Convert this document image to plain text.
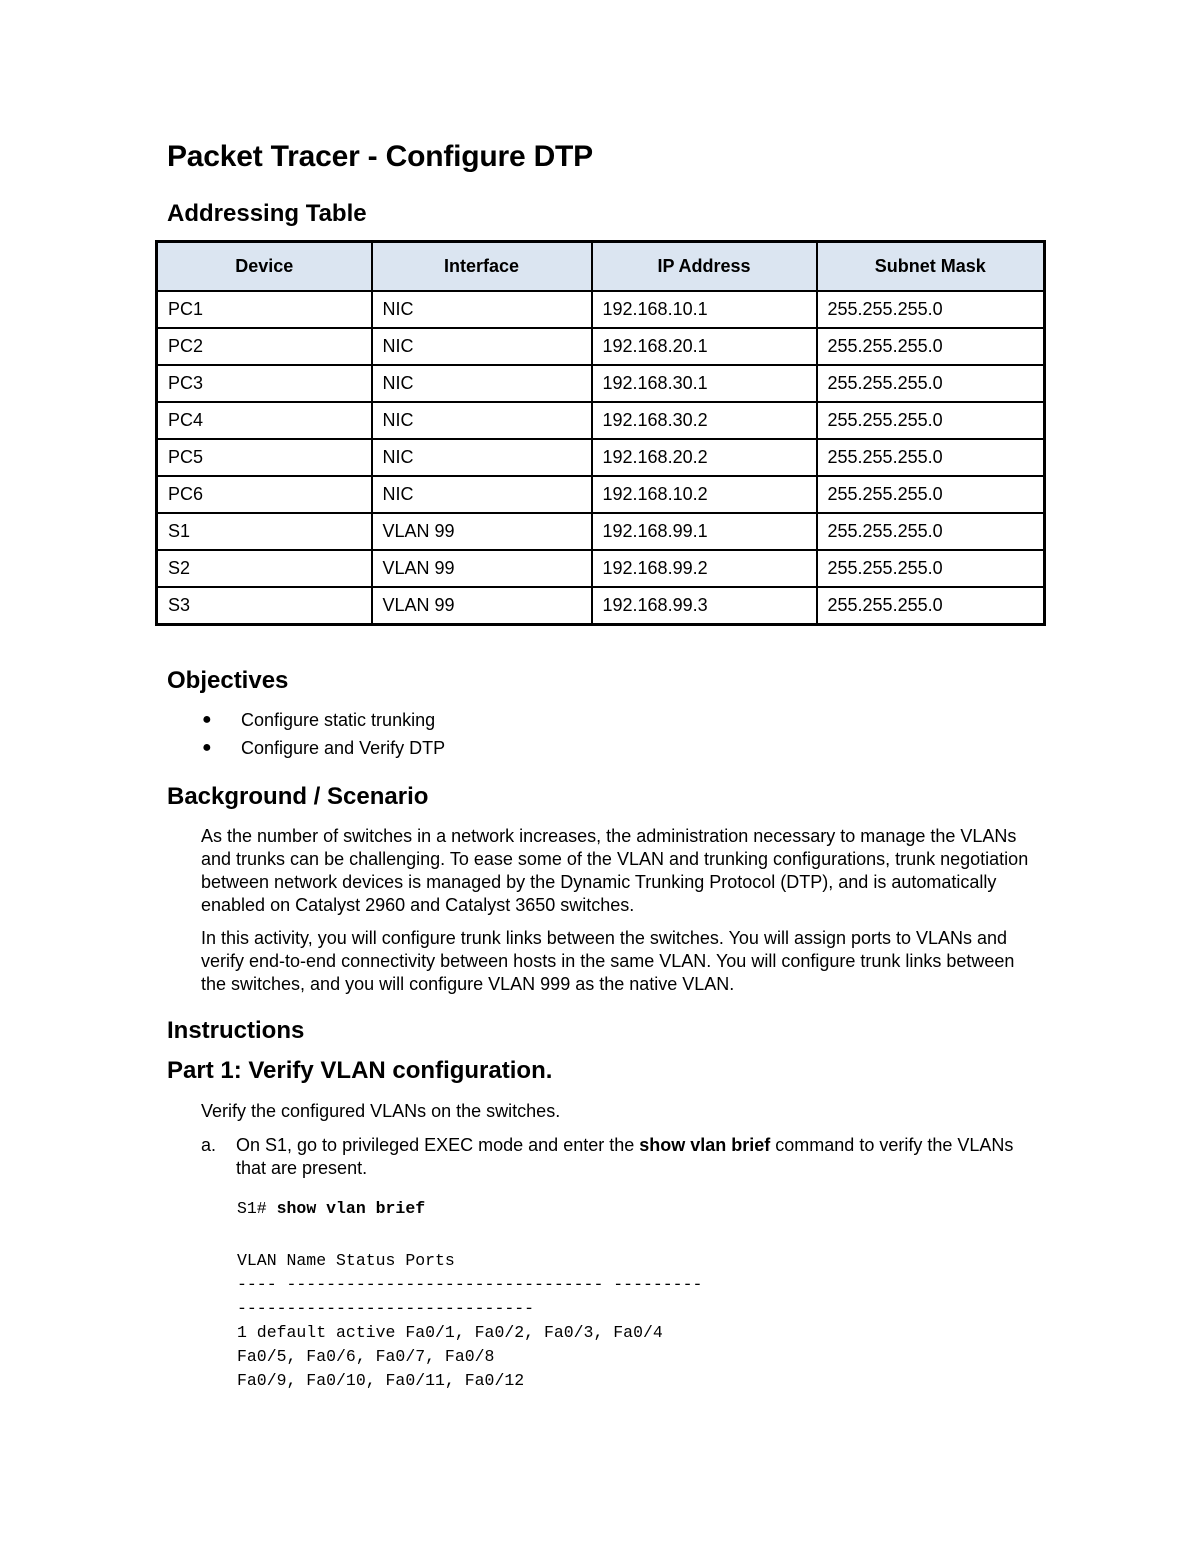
Packet Tracer - Configure DTP
Addressing Table
Device	Interface	IP Address	Subnet Mask
PC1	NIC	192.168.10.1	255.255.255.0
PC2	NIC	192.168.20.1	255.255.255.0
PC3	NIC	192.168.30.1	255.255.255.0
PC4	NIC	192.168.30.2	255.255.255.0
PC5	NIC	192.168.20.2	255.255.255.0
PC6	NIC	192.168.10.2	255.255.255.0
S1	VLAN 99	192.168.99.1	255.255.255.0
S2	VLAN 99	192.168.99.2	255.255.255.0
S3	VLAN 99	192.168.99.3	255.255.255.0
Objectives
● Configure static trunking
● Configure and Verify DTP
Background / Scenario

As the number of switches in a network increases, the administration necessary to manage the VLANs and trunks can be challenging. To ease some of the VLAN and trunking configurations, trunk negotiation between network devices is managed by the Dynamic Trunking Protocol (DTP), and is automatically enabled on Catalyst 2960 and Catalyst 3650 switches.

In this activity, you will configure trunk links between the switches. You will assign ports to VLANs and verify end-to-end connectivity between hosts in the same VLAN. You will configure trunk links between the switches, and you will configure VLAN 999 as the native VLAN.

Instructions
Part 1: Verify VLAN configuration.

Verify the configured VLANs on the switches.

a. On S1, go to privileged EXEC mode and enter the show vlan brief command to verify the VLANs that are present.
S1# show vlan brief
VLAN Name Status Ports
---- -------------------------------- ---------
------------------------------
1 default active Fa0/1, Fa0/2, Fa0/3, Fa0/4
Fa0/5, Fa0/6, Fa0/7, Fa0/8
Fa0/9, Fa0/10, Fa0/11, Fa0/12
